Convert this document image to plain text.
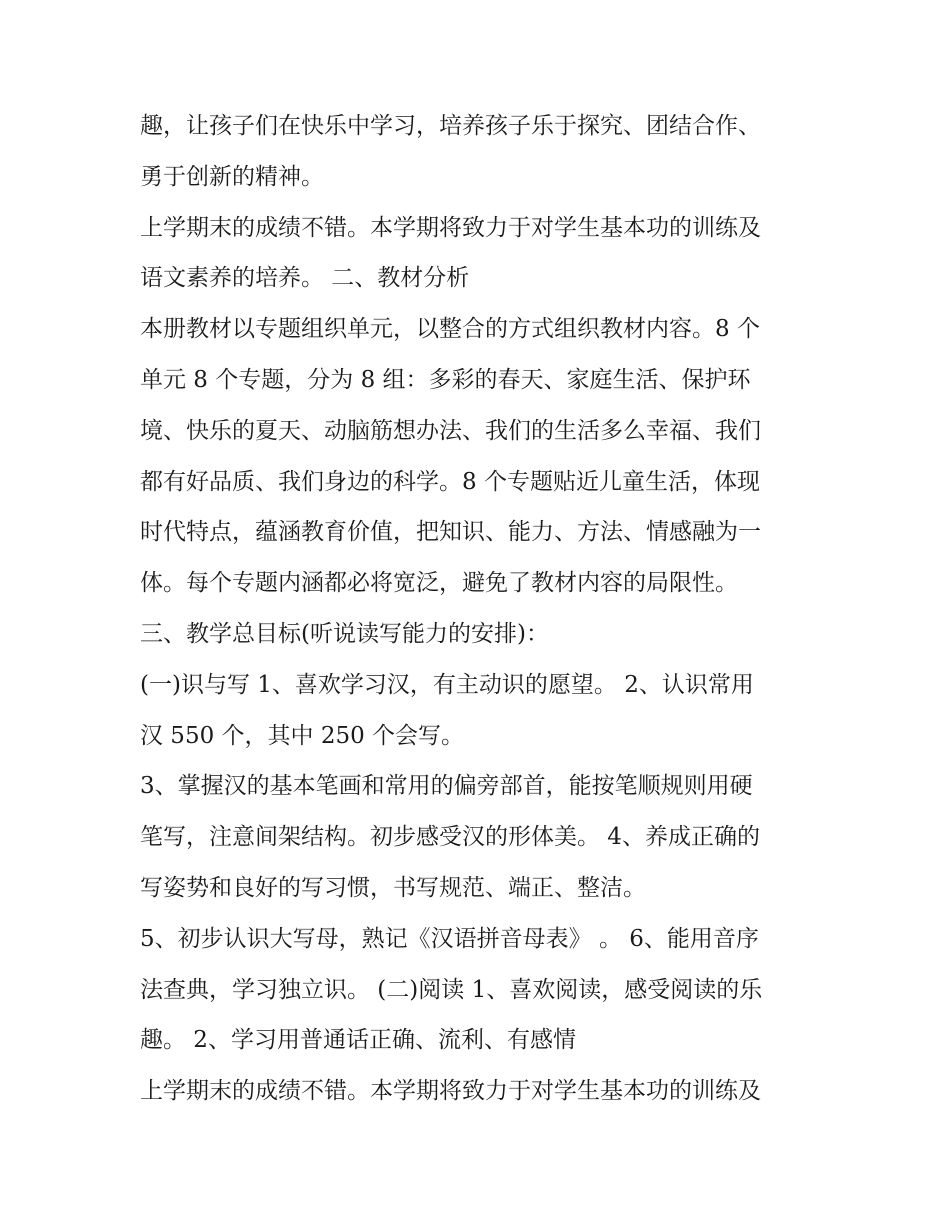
趣，让孩子们在快乐中学习，培养孩子乐于探究、团结合作、
勇于创新的精神。
上学期末的成绩不错。本学期将致力于对学生基本功的训练及
语文素养的培养。 二、教材分析
本册教材以专题组织单元，以整合的方式组织教材内容。8 个
单元 8 个专题，分为 8 组：多彩的春天、家庭生活、保护环
境、快乐的夏天、动脑筋想办法、我们的生活多么幸福、我们
都有好品质、我们身边的科学。8 个专题贴近儿童生活，体现
时代特点，蕴涵教育价值，把知识、能力、方法、情感融为一
体。每个专题内涵都必将宽泛，避免了教材内容的局限性。
三、教学总目标(听说读写能力的安排)：
(一)识与写 1、喜欢学习汉，有主动识的愿望。 2、认识常用
汉 550 个，其中 250 个会写。
3、掌握汉的基本笔画和常用的偏旁部首，能按笔顺规则用硬
笔写，注意间架结构。初步感受汉的形体美。 4、养成正确的
写姿势和良好的写习惯，书写规范、端正、整洁。
5、初步认识大写母，熟记《汉语拼音母表》 。 6、能用音序
法查典，学习独立识。 (二)阅读 1、喜欢阅读，感受阅读的乐
趣。 2、学习用普通话正确、流利、有感情
上学期末的成绩不错。本学期将致力于对学生基本功的训练及
